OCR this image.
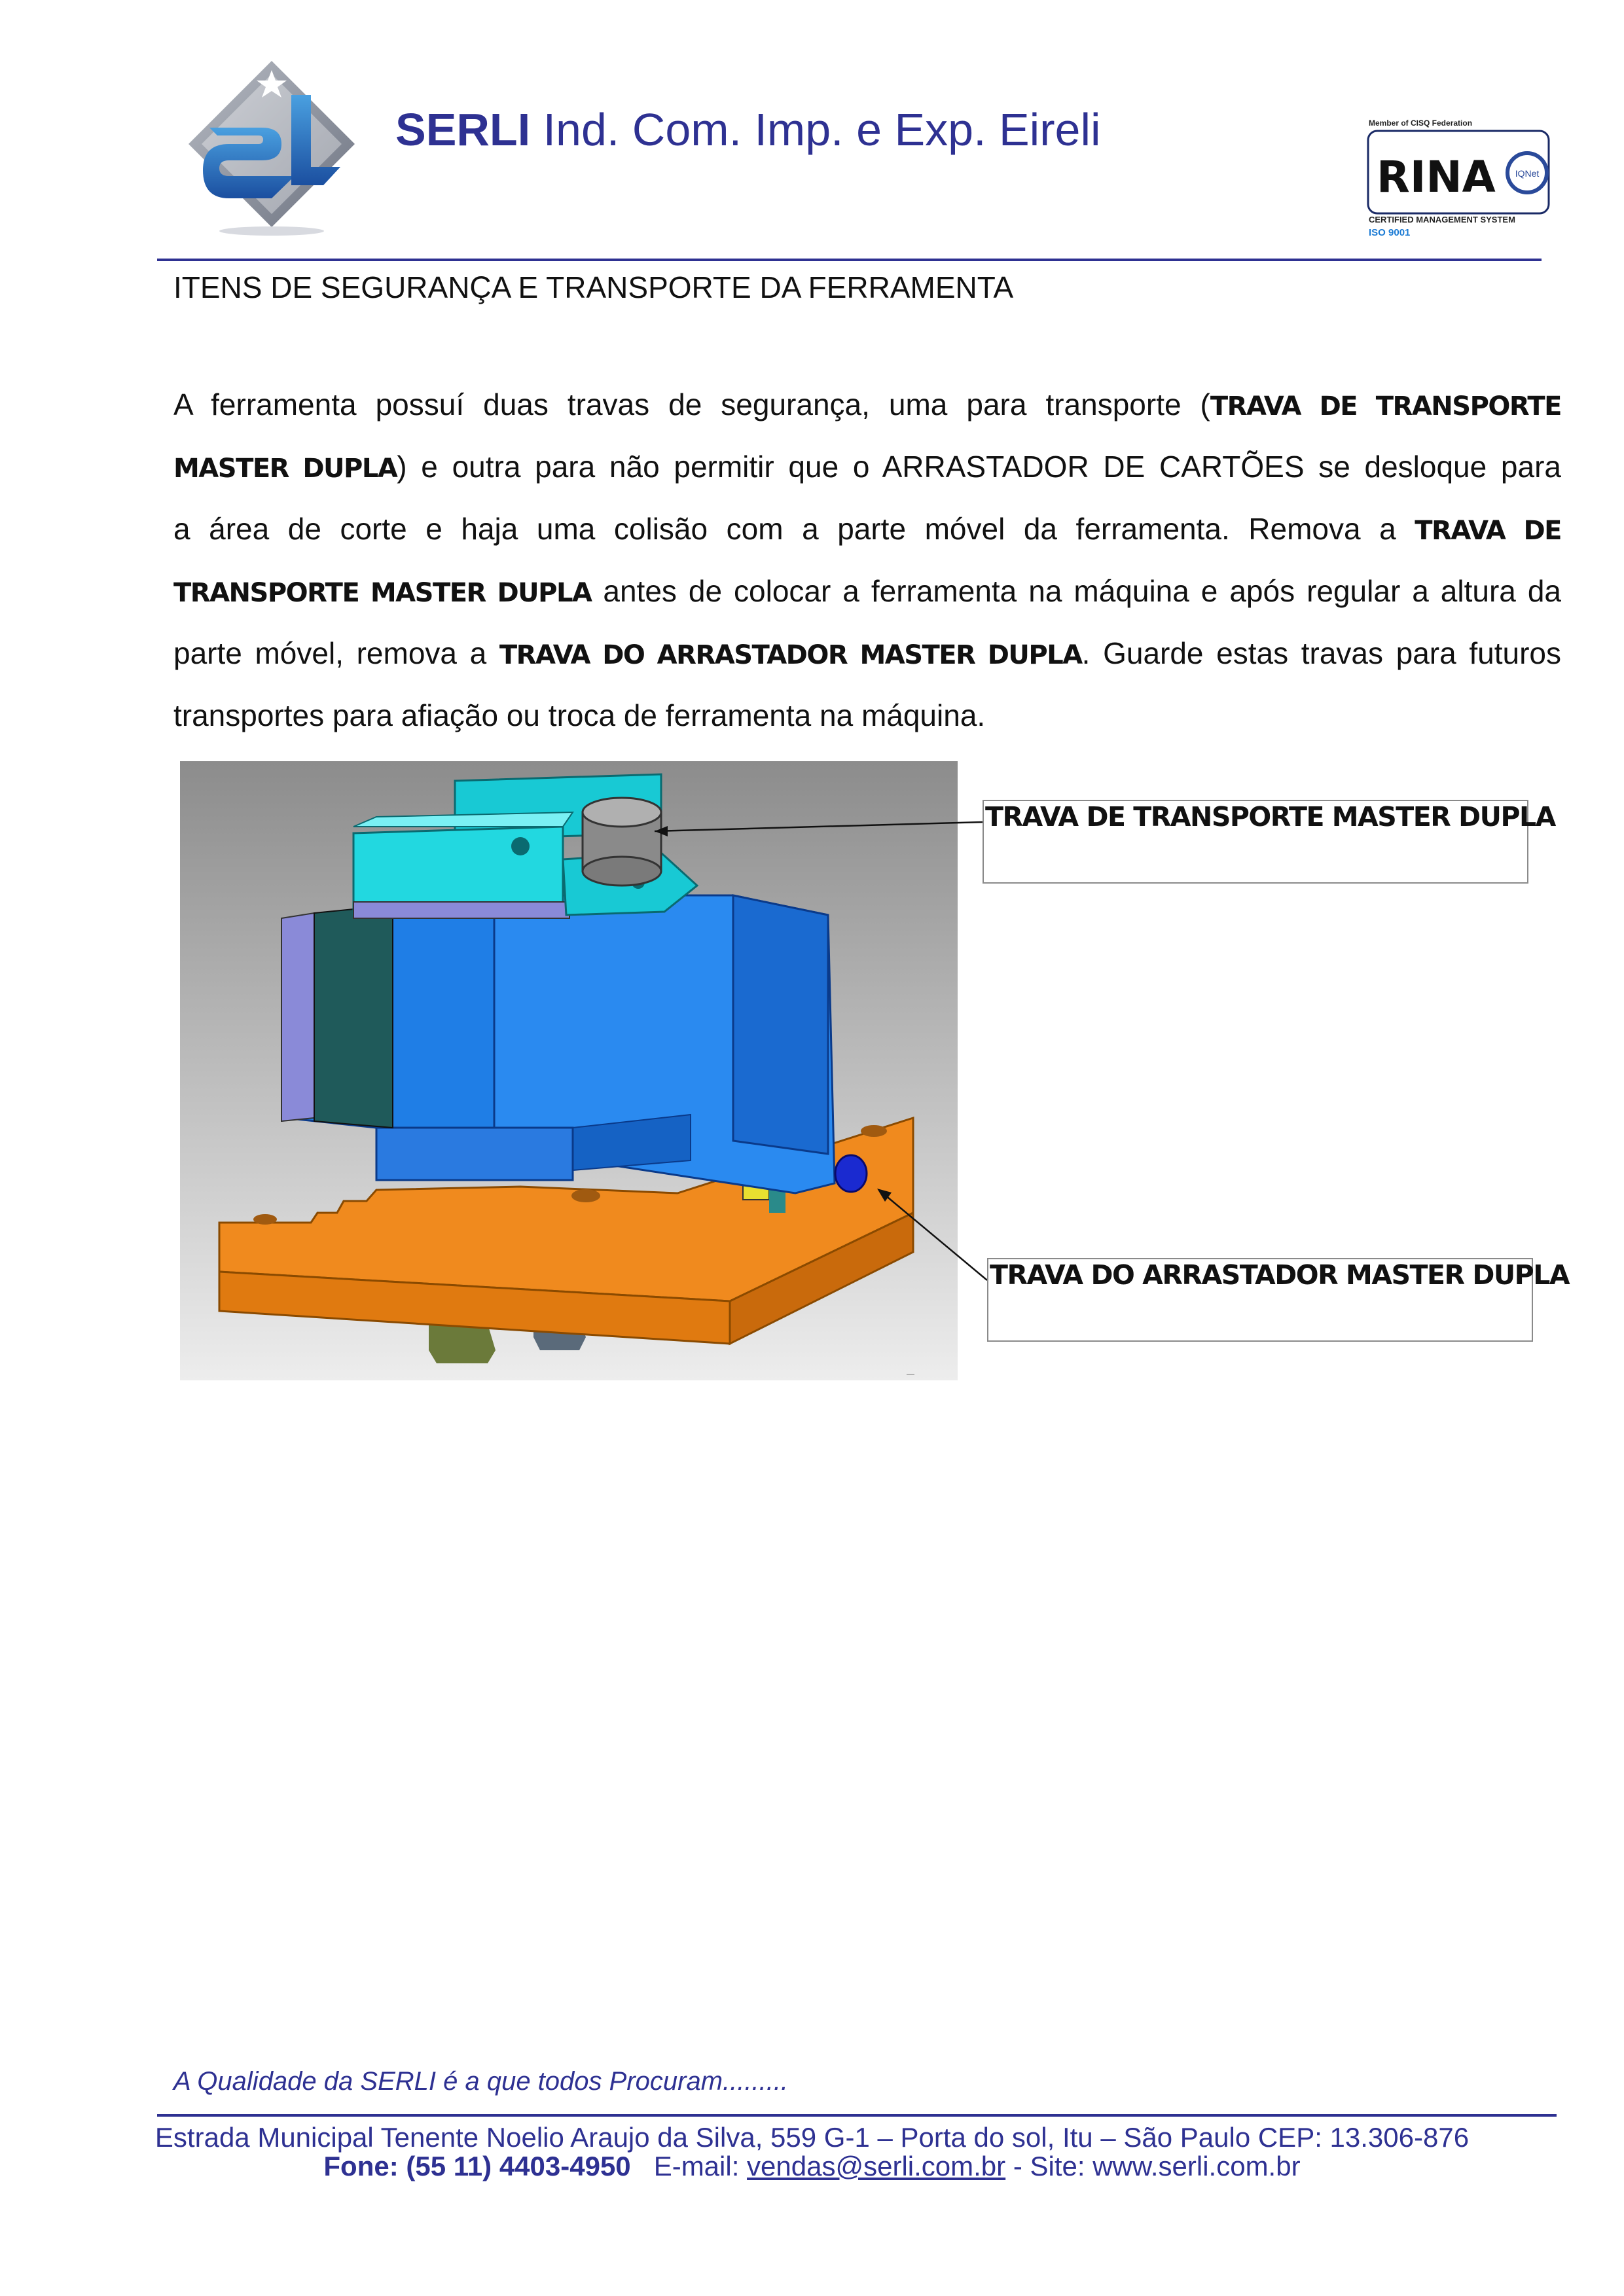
SERLI Ind. Com. Imp. e Exp. Eireli	Member of CISQ Federation
RINA IQNet
CERTIFIED MANAGEMENT SYSTEM
ISO 9001
ITENS DE SEGURANÇA E TRANSPORTE DA FERRAMENTA
A ferramenta possuí duas travas de segurança, uma para transporte (TRAVA DE TRANSPORTE
MASTER DUPLA) e outra para não permitir que o ARRASTADOR DE CARTÕES se desloque para
a área de corte e haja uma colisão com a parte móvel da ferramenta. Remova a TRAVA DE
TRANSPORTE MASTER DUPLA antes de colocar a ferramenta na máquina e após regular a altura da
parte móvel, remova a TRAVA DO ARRASTADOR MASTER DUPLA. Guarde estas travas para futuros
transportes para afiação ou troca de ferramenta na máquina.
—
TRAVA DE TRANSPORTE MASTER DUPLA
TRAVA DO ARRASTADOR MASTER DUPLA
A Qualidade da SERLI é a que todos Procuram.........
Estrada Municipal Tenente Noelio Araujo da Silva, 559 G-1 – Porta do sol, Itu – São Paulo CEP: 13.306-876
Fone: (55 11) 4403-4950 E-mail: vendas@serli.com.br - Site: www.serli.com.br
